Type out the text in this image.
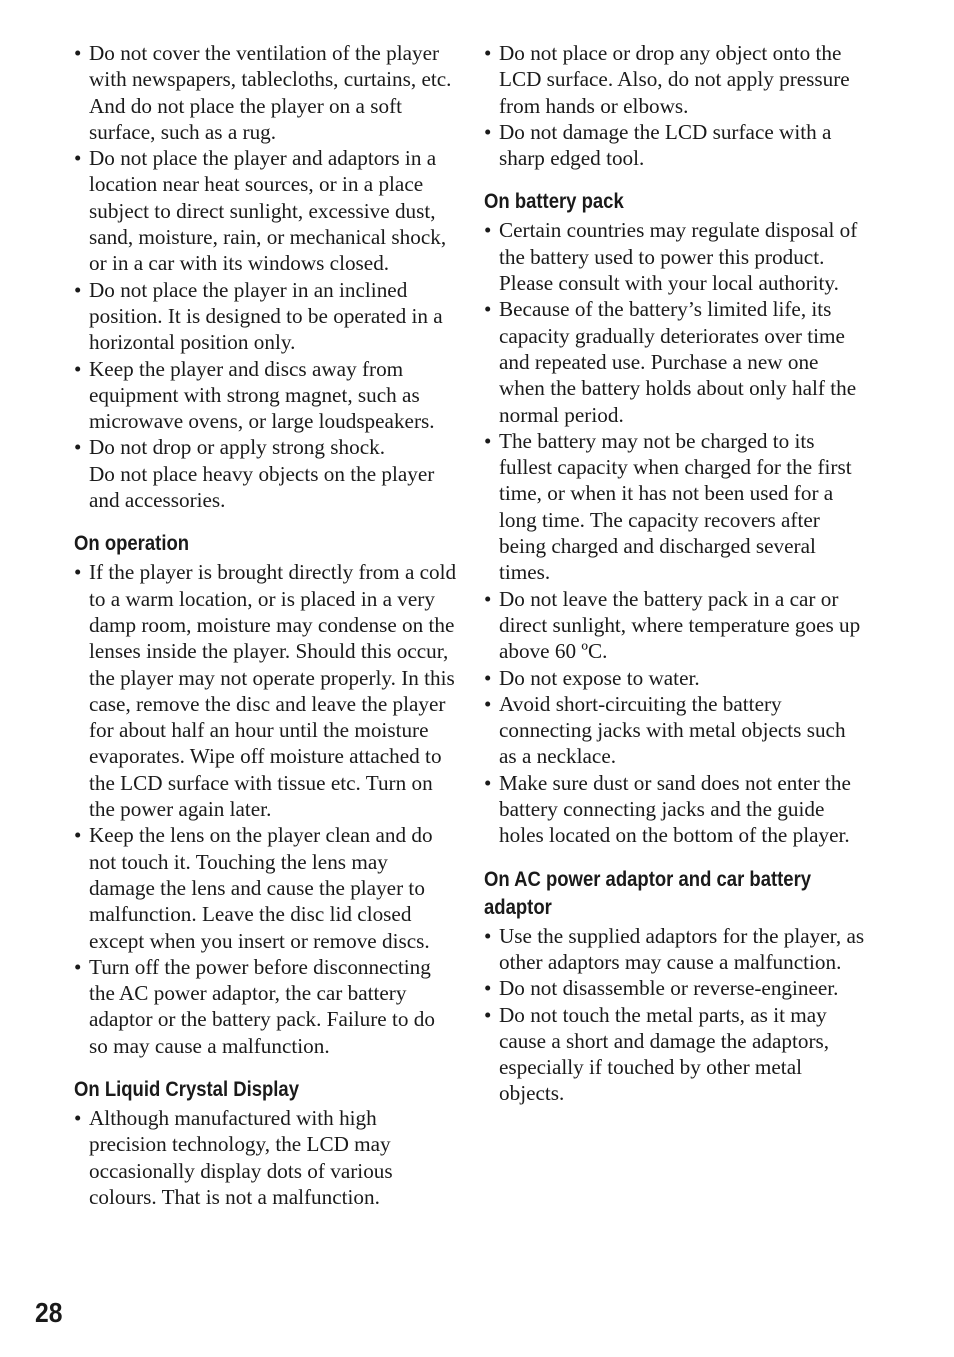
• Do not cover the ventilation of the player with newspapers, tablecloths, curtains, etc. And do not place the player on a soft surface, such as a rug.
• Do not place the player and adaptors in a location near heat sources, or in a place subject to direct sunlight, excessive dust, sand, moisture, rain, or mechanical shock, or in a car with its windows closed.
• Do not place the player in an inclined position. It is designed to be operated in a horizontal position only.
• Keep the player and discs away from equipment with strong magnet, such as microwave ovens, or large loudspeakers.
• Do not drop or apply strong shock.
Do not place heavy objects on the player and accessories.
On operation
• If the player is brought directly from a cold to a warm location, or is placed in a very damp room, moisture may condense on the lenses inside the player. Should this occur, the player may not operate properly. In this case, remove the disc and leave the player for about half an hour until the moisture evaporates. Wipe off moisture attached to the LCD surface with tissue etc. Turn on the power again later.
• Keep the lens on the player clean and do not touch it. Touching the lens may damage the lens and cause the player to malfunction. Leave the disc lid closed except when you insert or remove discs.
• Turn off the power before disconnecting the AC power adaptor, the car battery adaptor or the battery pack. Failure to do so may cause a malfunction.
On Liquid Crystal Display
• Although manufactured with high precision technology, the LCD may occasionally display dots of various colours. That is not a malfunction.
• Do not place or drop any object onto the LCD surface. Also, do not apply pressure from hands or elbows.
• Do not damage the LCD surface with a sharp edged tool.
On battery pack
• Certain countries may regulate disposal of the battery used to power this product. Please consult with your local authority.
• Because of the battery’s limited life, its capacity gradually deteriorates over time and repeated use. Purchase a new one when the battery holds about only half the normal period.
• The battery may not be charged to its fullest capacity when charged for the first time, or when it has not been used for a long time. The capacity recovers after being charged and discharged several times.
• Do not leave the battery pack in a car or direct sunlight, where temperature goes up above 60 ºC.
• Do not expose to water.
• Avoid short-circuiting the battery connecting jacks with metal objects such as a necklace.
• Make sure dust or sand does not enter the battery connecting jacks and the guide holes located on the bottom of the player.
On AC power adaptor and car battery adaptor
• Use the supplied adaptors for the player, as other adaptors may cause a malfunction.
• Do not disassemble or reverse-engineer.
• Do not touch the metal parts, as it may cause a short and damage the adaptors, especially if touched by other metal objects.
28
